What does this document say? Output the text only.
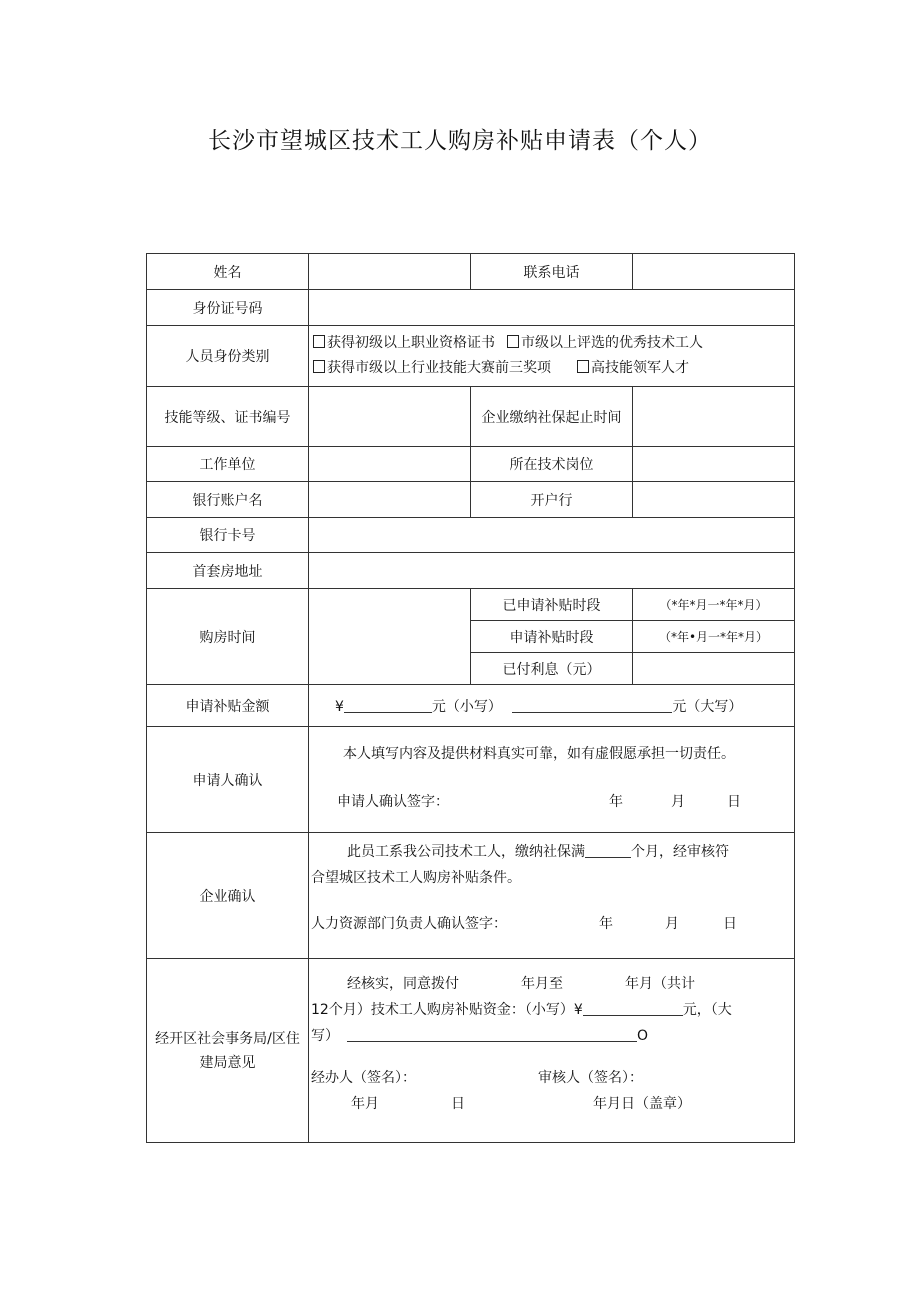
长沙市望城区技术工人购房补贴申请表（个人）
姓名		联系电话	
身份证号码			
人员身份类别	获得初级以上职业资格证书 市级以上评选的优秀技术工人
获得市级以上行业技能大赛前三奖项 高技能领军人才		

技能等级、证书编号		企业缴纳社保起止时间	
工作单位		所在技术岗位	
银行账户名		开户行	
银行卡号			
首套房地址			
购房时间		已申请补贴时段	（*年*月一*年*月）
		申请补贴时段	（*年•月一*年*月）
		已付利息（元）	
申请补贴金额	¥ 元（小写） 元（大写）		
申请人确认	本人填写内容及提供材料真实可靠，如有虚假愿承担一切责任。
申请人确认签字： 年 月 日		

企业确认	此员工系我公司技术工人，缴纳社保满 个月，经审核符
合望城区技术工人购房补贴条件。
人力资源部门负责人确认签字： 年 月 日		

经开区社会事务局/区住建局意见	经核实，同意拨付 年月至 年月（共计
12个月）技术工人购房补贴资金：（小写）¥ 元，（大
写） O
经办人（签名）： 审核人（签名）：
年月 日 年月日（盖章）		
